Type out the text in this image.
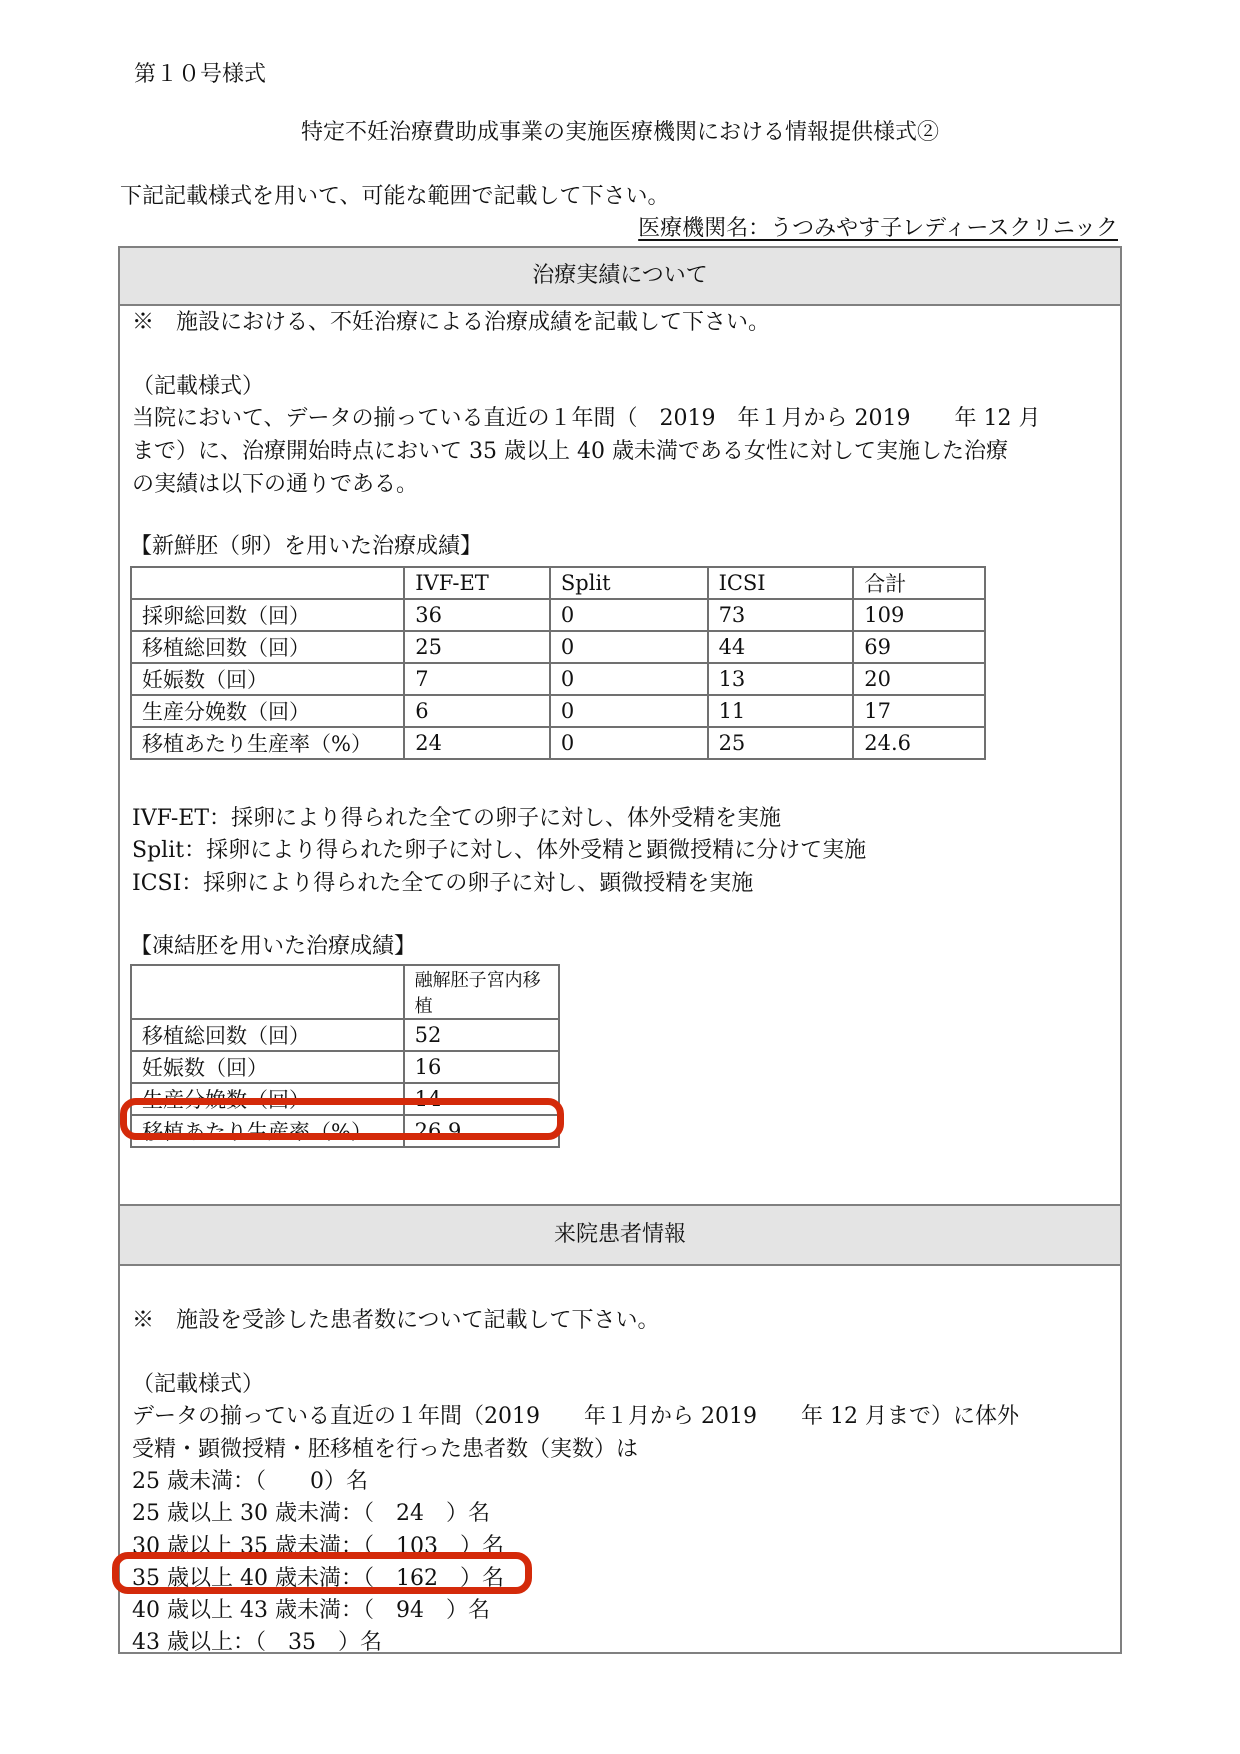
第１０号様式
特定不妊治療費助成事業の実施医療機関における情報提供様式②
下記記載様式を用いて、可能な範囲で記載して下さい。
医療機関名：うつみやす子レディースクリニック
治療実績について
※　施設における、不妊治療による治療成績を記載して下さい。
（記載様式）
当院において、データの揃っている直近の１年間（　2019　年１月から 2019　　年 12 月
まで）に、治療開始時点において 35 歳以上 40 歳未満である女性に対して実施した治療
の実績は以下の通りである。
【新鮮胚（卵）を用いた治療成績】
	IVF-ET	Split	ICSI	合計
採卵総回数（回）	36	0	73	109
移植総回数（回）	25	0	44	69
妊娠数（回）	7	0	13	20
生産分娩数（回）	6	0	11	17
移植あたり生産率（%）	24	0	25	24.6
IVF-ET：採卵により得られた全ての卵子に対し、体外受精を実施
Split：採卵により得られた卵子に対し、体外受精と顕微授精に分けて実施
ICSI：採卵により得られた全ての卵子に対し、顕微授精を実施
【凍結胚を用いた治療成績】
	融解胚子宮内移植
移植総回数（回）	52
妊娠数（回）	16
生産分娩数（回）	14
移植あたり生産率（%）	26.9
来院患者情報
※　施設を受診した患者数について記載して下さい。
（記載様式）
データの揃っている直近の１年間（2019　　年１月から 2019　　年 12 月まで）に体外
受精・顕微授精・胚移植を行った患者数（実数）は
25 歳未満：（　　0）名
25 歳以上 30 歳未満：（　24　）名
30 歳以上 35 歳未満：（　103　）名
35 歳以上 40 歳未満：（　162　）名
40 歳以上 43 歳未満：（　94　）名
43 歳以上：（　35　）名
